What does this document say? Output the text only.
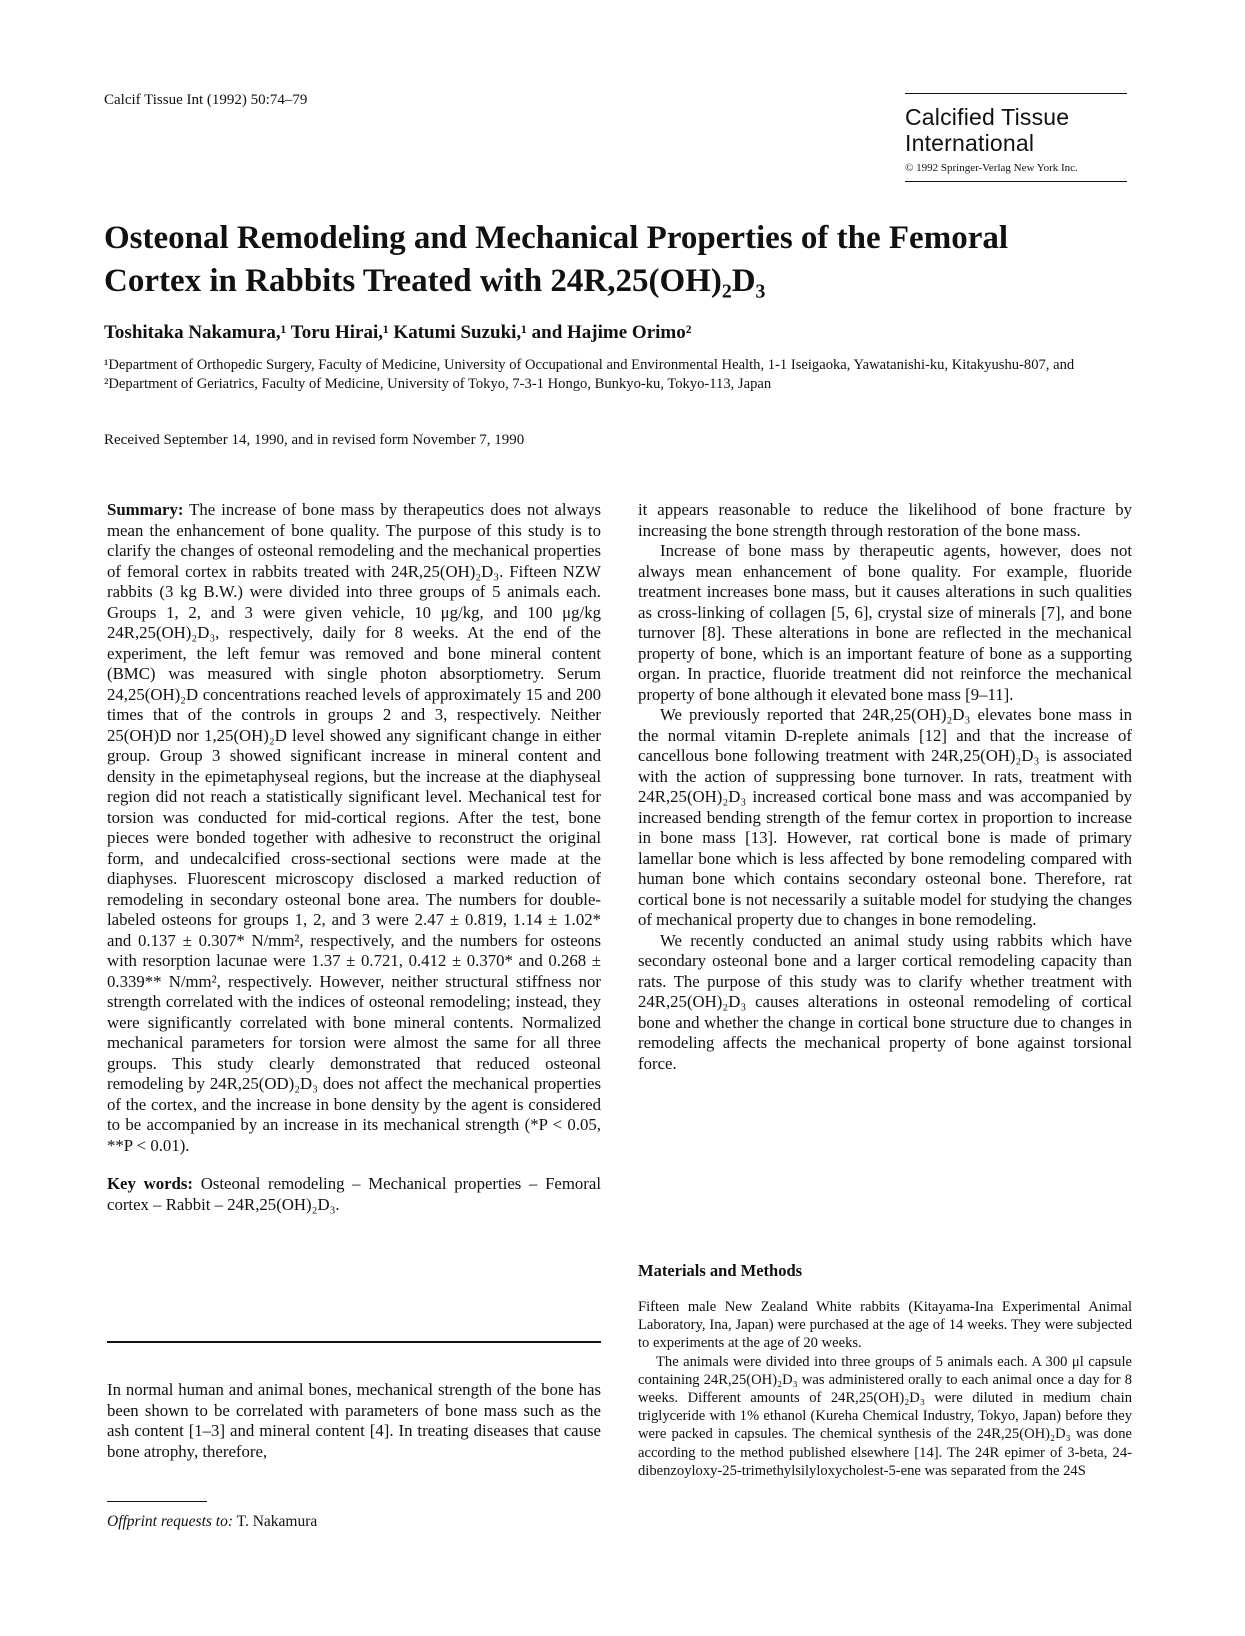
Calcif Tissue Int (1992) 50:74–79
Calcified Tissue
International
© 1992 Springer-Verlag New York Inc.
Osteonal Remodeling and Mechanical Properties of the Femoral
Cortex in Rabbits Treated with 24R,25(OH)₂D₃
Toshitaka Nakamura,¹ Toru Hirai,¹ Katumi Suzuki,¹ and Hajime Orimo²
¹Department of Orthopedic Surgery, Faculty of Medicine, University of Occupational and Environmental Health, 1-1 Iseigaoka, Yawatanishi-ku, Kitakyushu-807, and ²Department of Geriatrics, Faculty of Medicine, University of Tokyo, 7-3-1 Hongo, Bunkyo-ku, Tokyo-113, Japan
Received September 14, 1990, and in revised form November 7, 1990

Summary: The increase of bone mass by therapeutics does not always mean the enhancement of bone quality. The purpose of this study is to clarify the changes of osteonal remodeling and the mechanical properties of femoral cortex in rabbits treated with 24R,25(OH)₂D₃. Fifteen NZW rabbits (3 kg B.W.) were divided into three groups of 5 animals each. Groups 1, 2, and 3 were given vehicle, 10 μg/kg, and 100 μg/kg 24R,25(OH)₂D₃, respectively, daily for 8 weeks. At the end of the experiment, the left femur was removed and bone mineral content (BMC) was measured with single photon absorptiometry. Serum 24,25(OH)₂D concentrations reached levels of approximately 15 and 200 times that of the controls in groups 2 and 3, respectively. Neither 25(OH)D nor 1,25(OH)₂D level showed any significant change in either group. Group 3 showed significant increase in mineral content and density in the epimetaphyseal regions, but the increase at the diaphyseal region did not reach a statistically significant level. Mechanical test for torsion was conducted for mid-cortical regions. After the test, bone pieces were bonded together with adhesive to reconstruct the original form, and undecalcified cross-sectional sections were made at the diaphyses. Fluorescent microscopy disclosed a marked reduction of remodeling in secondary osteonal bone area. The numbers for double-labeled osteons for groups 1, 2, and 3 were 2.47 ± 0.819, 1.14 ± 1.02* and 0.137 ± 0.307* N/mm², respectively, and the numbers for osteons with resorption lacunae were 1.37 ± 0.721, 0.412 ± 0.370* and 0.268 ± 0.339** N/mm², respectively. However, neither structural stiffness nor strength correlated with the indices of osteonal remodeling; instead, they were significantly correlated with bone mineral contents. Normalized mechanical parameters for torsion were almost the same for all three groups. This study clearly demonstrated that reduced osteonal remodeling by 24R,25(OD)₂D₃ does not affect the mechanical properties of the cortex, and the increase in bone density by the agent is considered to be accompanied by an increase in its mechanical strength (*P < 0.05, **P < 0.01).

Key words: Osteonal remodeling – Mechanical properties – Femoral cortex – Rabbit – 24R,25(OH)₂D₃.

In normal human and animal bones, mechanical strength of the bone has been shown to be correlated with parameters of bone mass such as the ash content [1–3] and mineral content [4]. In treating diseases that cause bone atrophy, therefore,

Offprint requests to: T. Nakamura

it appears reasonable to reduce the likelihood of bone fracture by increasing the bone strength through restoration of the bone mass.

Increase of bone mass by therapeutic agents, however, does not always mean enhancement of bone quality. For example, fluoride treatment increases bone mass, but it causes alterations in such qualities as cross-linking of collagen [5, 6], crystal size of minerals [7], and bone turnover [8]. These alterations in bone are reflected in the mechanical property of bone, which is an important feature of bone as a supporting organ. In practice, fluoride treatment did not reinforce the mechanical property of bone although it elevated bone mass [9–11].

We previously reported that 24R,25(OH)₂D₃ elevates bone mass in the normal vitamin D-replete animals [12] and that the increase of cancellous bone following treatment with 24R,25(OH)₂D₃ is associated with the action of suppressing bone turnover. In rats, treatment with 24R,25(OH)₂D₃ increased cortical bone mass and was accompanied by increased bending strength of the femur cortex in proportion to increase in bone mass [13]. However, rat cortical bone is made of primary lamellar bone which is less affected by bone remodeling compared with human bone which contains secondary osteonal bone. Therefore, rat cortical bone is not necessarily a suitable model for studying the changes of mechanical property due to changes in bone remodeling.

We recently conducted an animal study using rabbits which have secondary osteonal bone and a larger cortical remodeling capacity than rats. The purpose of this study was to clarify whether treatment with 24R,25(OH)₂D₃ causes alterations in osteonal remodeling of cortical bone and whether the change in cortical bone structure due to changes in remodeling affects the mechanical property of bone against torsional force.

Materials and Methods

Fifteen male New Zealand White rabbits (Kitayama-Ina Experimental Animal Laboratory, Ina, Japan) were purchased at the age of 14 weeks. They were subjected to experiments at the age of 20 weeks.

The animals were divided into three groups of 5 animals each. A 300 μl capsule containing 24R,25(OH)₂D₃ was administered orally to each animal once a day for 8 weeks. Different amounts of 24R,25(OH)₂D₃ were diluted in medium chain triglyceride with 1% ethanol (Kureha Chemical Industry, Tokyo, Japan) before they were packed in capsules. The chemical synthesis of the 24R,25(OH)₂D₃ was done according to the method published elsewhere [14]. The 24R epimer of 3-beta, 24-dibenzoyloxy-25-trimethylsilyloxycholest-5-ene was separated from the 24S
